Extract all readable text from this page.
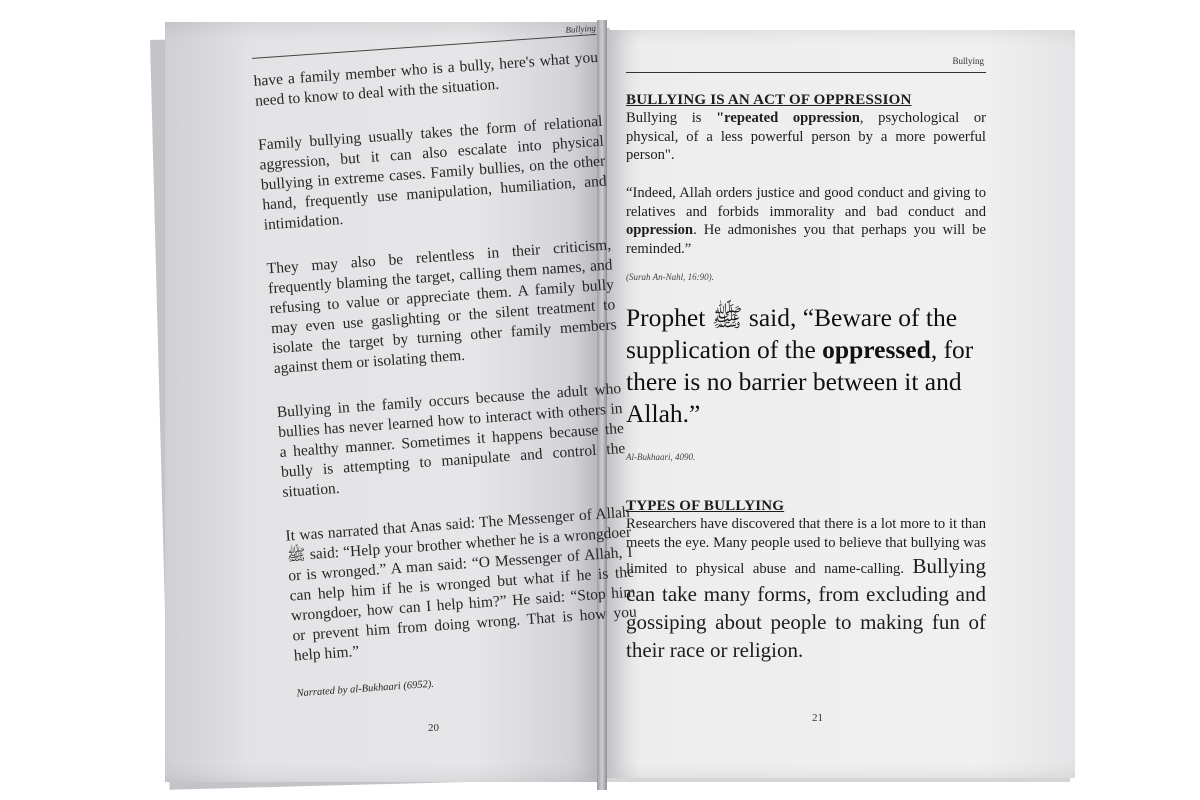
Bullying

have a family member who is a bully, here's what you need to know to deal with the situation.

Family bullying usually takes the form of relational aggression, but it can also escalate into physical bullying in extreme cases. Family bullies, on the other hand, frequently use manipulation, humiliation, and intimidation.

They may also be relentless in their criticism, frequently blaming the target, calling them names, and refusing to value or appreciate them. A family bully may even use gaslighting or the silent treatment to isolate the target by turning other family members against them or isolating them.

Bullying in the family occurs because the adult who bullies has never learned how to interact with others in a healthy manner. Sometimes it happens because the bully is attempting to manipulate and control the situation.

It was narrated that Anas said: The Messenger of Allah ﷺ said: “Help your brother whether he is a wrongdoer or is wronged.” A man said: “O Messenger of Allah, I can help him if he is wronged but what if he is the wrongdoer, how can I help him?” He said: “Stop him or prevent him from doing wrong. That is how you help him.”

Narrated by al-Bukhaari (6952).

20
Bullying
BULLYING IS AN ACT OF OPPRESSION

Bullying is "repeated oppression, psychological or physical, of a less powerful person by a more powerful person".

“Indeed, Allah orders justice and good conduct and giving to relatives and forbids immorality and bad conduct and oppression. He admonishes you that perhaps you will be reminded.”

(Surah An-Nahl, 16:90).

Prophet ﷺ said, “Beware of the supplication of the oppressed, for there is no barrier between it and Allah.”

Al-Bukhaari, 4090.
TYPES OF BULLYING

Researchers have discovered that there is a lot more to it than meets the eye. Many people used to believe that bullying was limited to physical abuse and name-calling. Bullying can take many forms, from excluding and gossiping about people to making fun of their race or religion.

21
